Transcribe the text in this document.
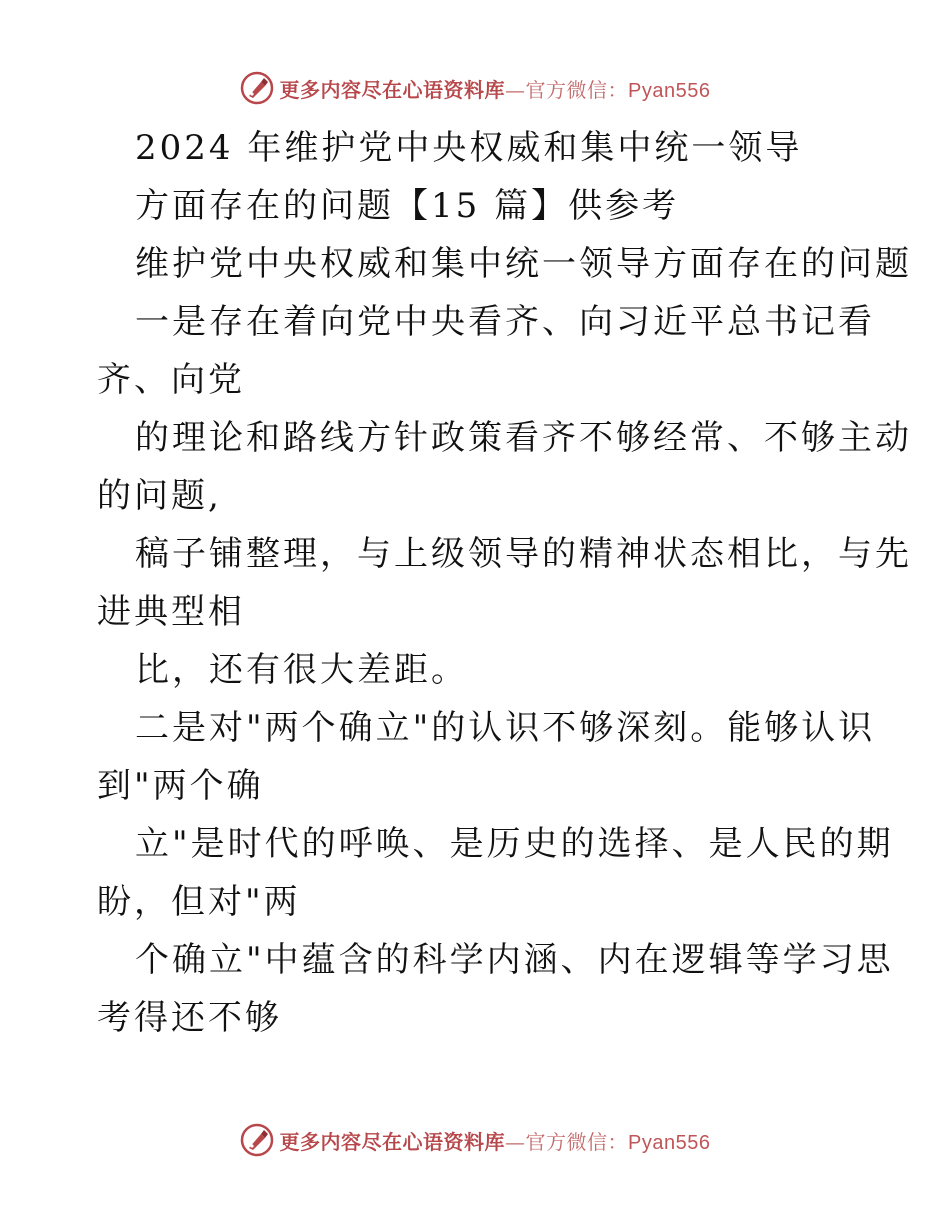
更多内容尽在心语资料库—官方微信：Pyan556
2024 年维护党中央权威和集中统一领导
方面存在的问题【15 篇】供参考
维护党中央权威和集中统一领导方面存在的问题
一是存在着向党中央看齐、向习近平总书记看
齐、向党
的理论和路线方针政策看齐不够经常、不够主动
的问题,
稿子铺整理，与上级领导的精神状态相比，与先
进典型相
比，还有很大差距。
二是对"两个确立"的认识不够深刻。能够认识
到"两个确
立"是时代的呼唤、是历史的选择、是人民的期
盼，但对"两
个确立"中蕴含的科学内涵、内在逻辑等学习思
考得还不够
更多内容尽在心语资料库—官方微信：Pyan556
